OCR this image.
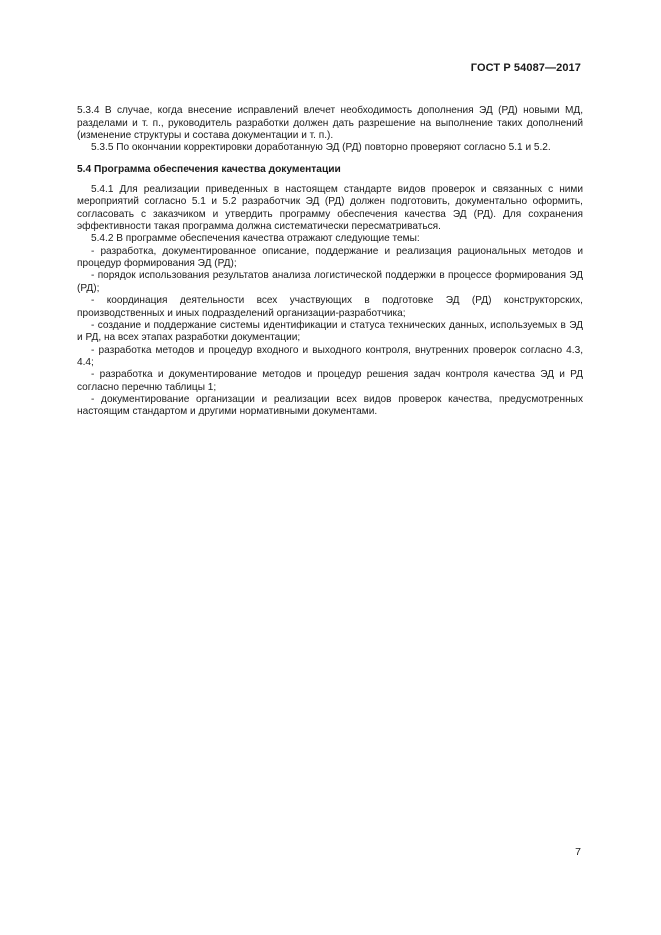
ГОСТ Р 54087—2017

5.3.4 В случае, когда внесение исправлений влечет необходимость дополнения ЭД (РД) новыми МД, разделами и т. п., руководитель разработки должен дать разрешение на выполнение таких дополнений (изменение структуры и состава документации и т. п.).

5.3.5 По окончании корректировки доработанную ЭД (РД) повторно проверяют согласно 5.1 и 5.2.

5.4 Программа обеспечения качества документации

5.4.1 Для реализации приведенных в настоящем стандарте видов проверок и связанных с ними мероприятий согласно 5.1 и 5.2 разработчик ЭД (РД) должен подготовить, документально оформить, согласовать с заказчиком и утвердить программу обеспечения качества ЭД (РД). Для сохранения эффективности такая программа должна систематически пересматриваться.

5.4.2 В программе обеспечения качества отражают следующие темы:

- разработка, документированное описание, поддержание и реализация рациональных методов и процедур формирования ЭД (РД);

- порядок использования результатов анализа логистической поддержки в процессе формирования ЭД (РД);

- координация деятельности всех участвующих в подготовке ЭД (РД) конструкторских, производственных и иных подразделений организации-разработчика;

- создание и поддержание системы идентификации и статуса технических данных, используемых в ЭД и РД, на всех этапах разработки документации;

- разработка методов и процедур входного и выходного контроля, внутренних проверок согласно 4.3, 4.4;

- разработка и документирование методов и процедур решения задач контроля качества ЭД и РД согласно перечню таблицы 1;

- документирование организации и реализации всех видов проверок качества, предусмотренных настоящим стандартом и другими нормативными документами.

7
